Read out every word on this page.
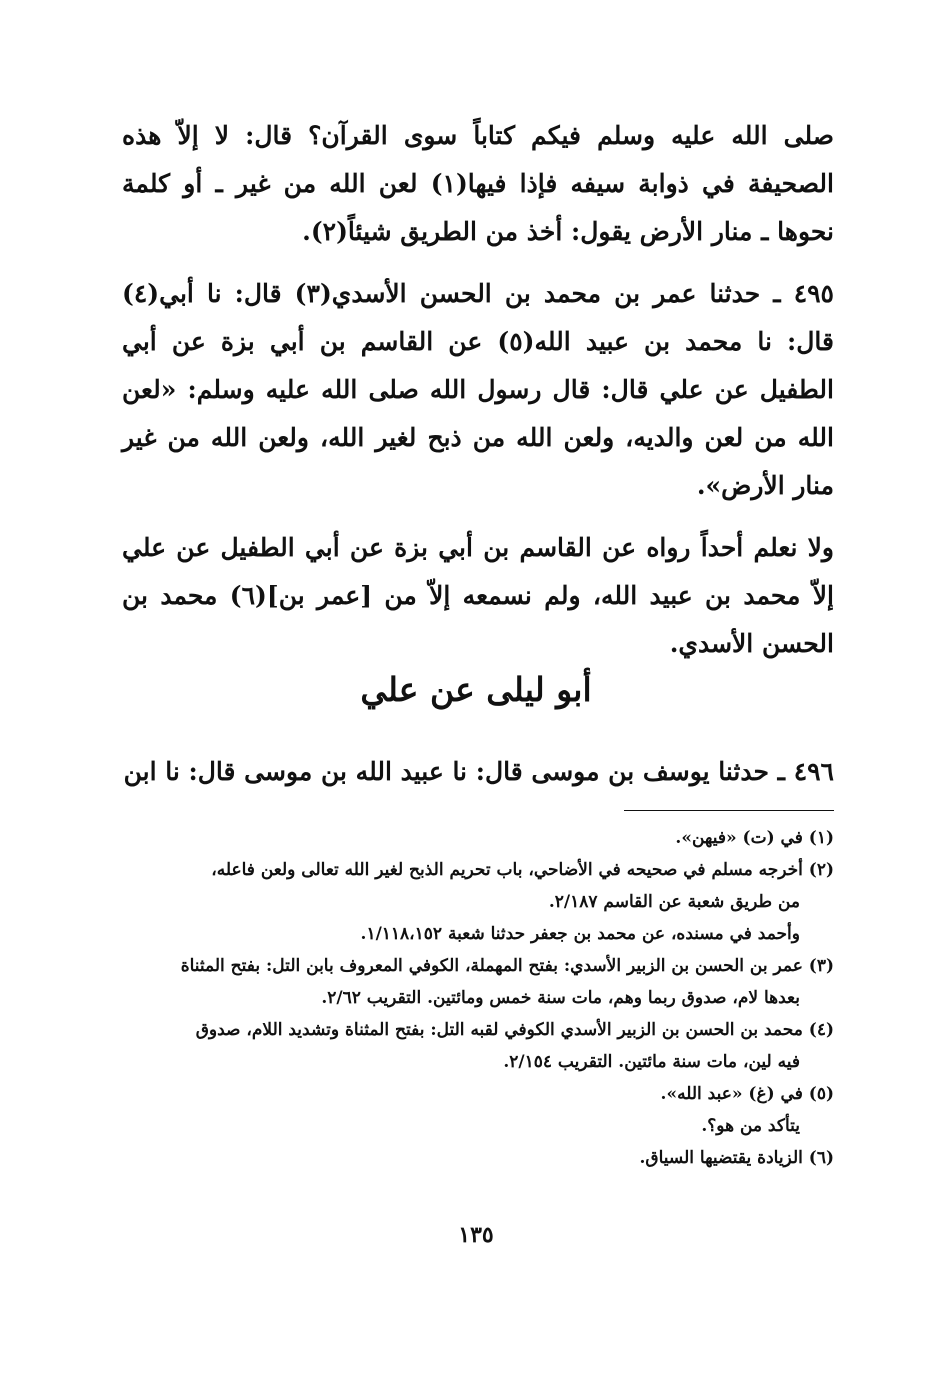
صلى الله عليه وسلم فيكم كتاباً سوى القرآن؟ قال: لا إلاّ هذه الصحيفة في ذوابة سيفه فإذا فيها(١) لعن الله من غير ـ أو كلمة نحوها ـ منار الأرض يقول: أخذ من الطريق شيئاً(٢).

٤٩٥ ـ حدثنا عمر بن محمد بن الحسن الأسدي(٣) قال: نا أبي(٤) قال: نا محمد بن عبيد الله(٥) عن القاسم بن أبي بزة عن أبي الطفيل عن علي قال: قال رسول الله صلى الله عليه وسلم: «لعن الله من لعن والديه، ولعن الله من ذبح لغير الله، ولعن الله من غير منار الأرض».

ولا نعلم أحداً رواه عن القاسم بن أبي بزة عن أبي الطفيل عن علي إلاّ محمد بن عبيد الله، ولم نسمعه إلاّ من [عمر بن](٦) محمد بن الحسن الأسدي.

أبو ليلى عن علي

٤٩٦ ـ حدثنا يوسف بن موسى قال: نا عبيد الله بن موسى قال: نا ابن

(١) في (ت) «فيهن».

(٢) أخرجه مسلم في صحيحه في الأضاحي، باب تحريم الذبح لغير الله تعالى ولعن فاعله،
من طريق شعبة عن القاسم ٢/١٨٧.

وأحمد في مسنده، عن محمد بن جعفر حدثنا شعبة ١/١١٨،١٥٢.

(٣) عمر بن الحسن بن الزبير الأسدي: بفتح المهملة، الكوفي المعروف بابن التل: بفتح المثناة
بعدها لام، صدوق ربما وهم، مات سنة خمس ومائتين. التقريب ٢/٦٢.

(٤) محمد بن الحسن بن الزبير الأسدي الكوفي لقبه التل: بفتح المثناة وتشديد اللام، صدوق
فيه لين، مات سنة مائتين. التقريب ٢/١٥٤.

(٥) في (غ) «عبد الله».

يتأكد من هو؟.

(٦) الزيادة يقتضيها السياق.

١٣٥
